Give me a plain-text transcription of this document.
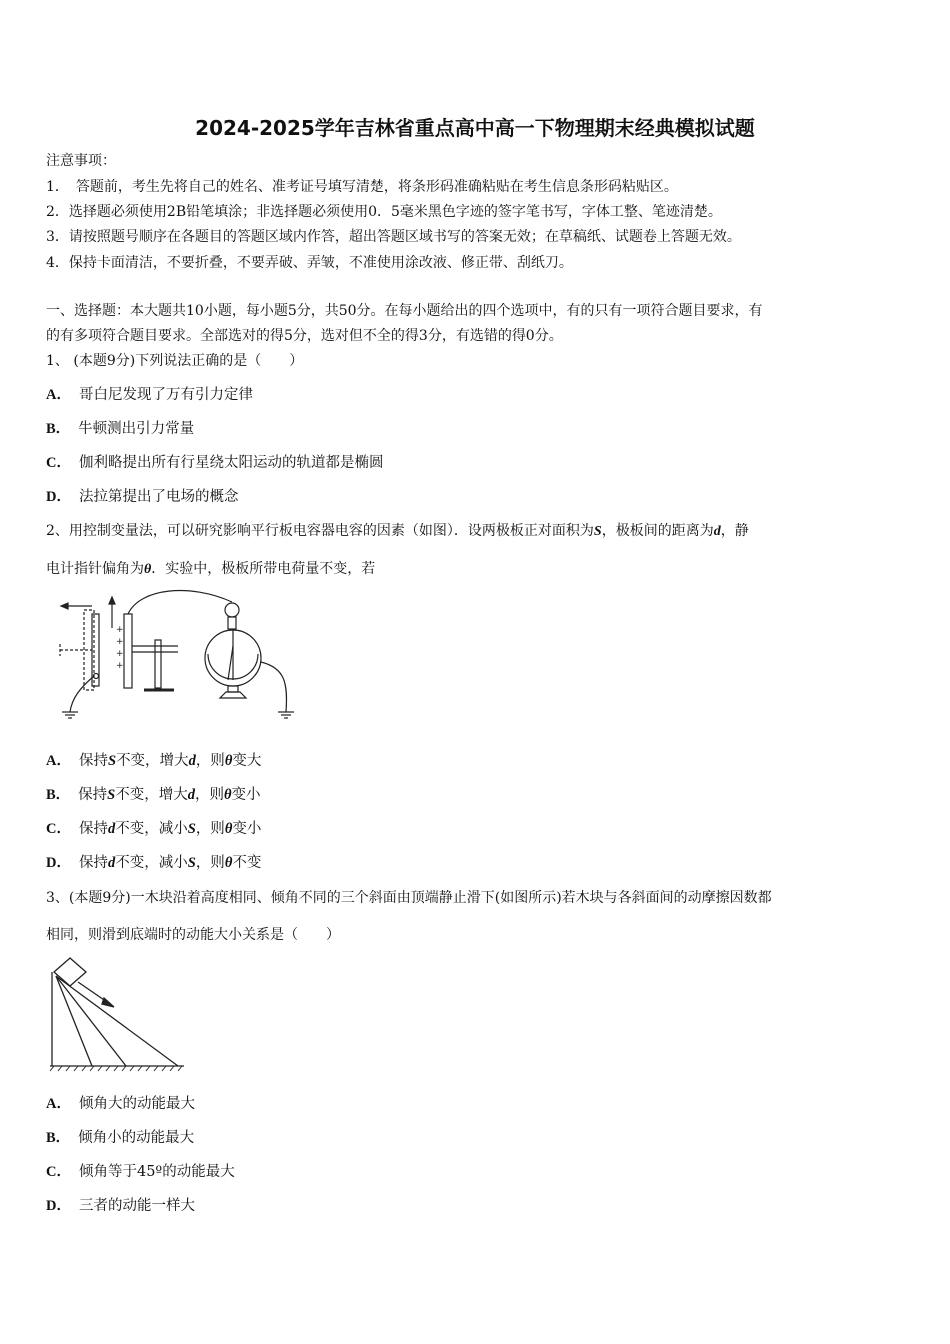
2024-2025学年吉林省重点高中高一下物理期末经典模拟试题
注意事项：
1．　答题前，考生先将自己的姓名、准考证号填写清楚，将条形码准确粘贴在考生信息条形码粘贴区。
2．选择题必须使用2B铅笔填涂；非选择题必须使用0．5毫米黑色字迹的签字笔书写，字体工整、笔迹清楚。
3．请按照题号顺序在各题目的答题区域内作答，超出答题区域书写的答案无效；在草稿纸、试题卷上答题无效。
4．保持卡面清洁，不要折叠，不要弄破、弄皱，不准使用涂改液、修正带、刮纸刀。
一、选择题：本大题共10小题，每小题5分，共50分。在每小题给出的四个选项中，有的只有一项符合题目要求，有
的有多项符合题目要求。全部选对的得5分，选对但不全的得3分，有选错的得0分。
1、 (本题9分)下列说法正确的是（　　）
A． 哥白尼发现了万有引力定律
B． 牛顿测出引力常量
C． 伽利略提出所有行星绕太阳运动的轨道都是椭圆
D． 法拉第提出了电场的概念
2、用控制变量法，可以研究影响平行板电容器电容的因素（如图）．设两极板正对面积为S，极板间的距离为d，静
电计指针偏角为θ．实验中，极板所带电荷量不变，若
+
+
+
+
A． 保持S不变，增大d，则θ变大
B． 保持S不变，增大d，则θ变小
C． 保持d不变，减小S，则θ变小
D． 保持d不变，减小S，则θ不变
3、(本题9分)一木块沿着高度相同、倾角不同的三个斜面由顶端静止滑下(如图所示)若木块与各斜面间的动摩擦因数都
相同，则滑到底端时的动能大小关系是（　　）
A． 倾角大的动能最大
B． 倾角小的动能最大
C． 倾角等于45º的动能最大
D． 三者的动能一样大
